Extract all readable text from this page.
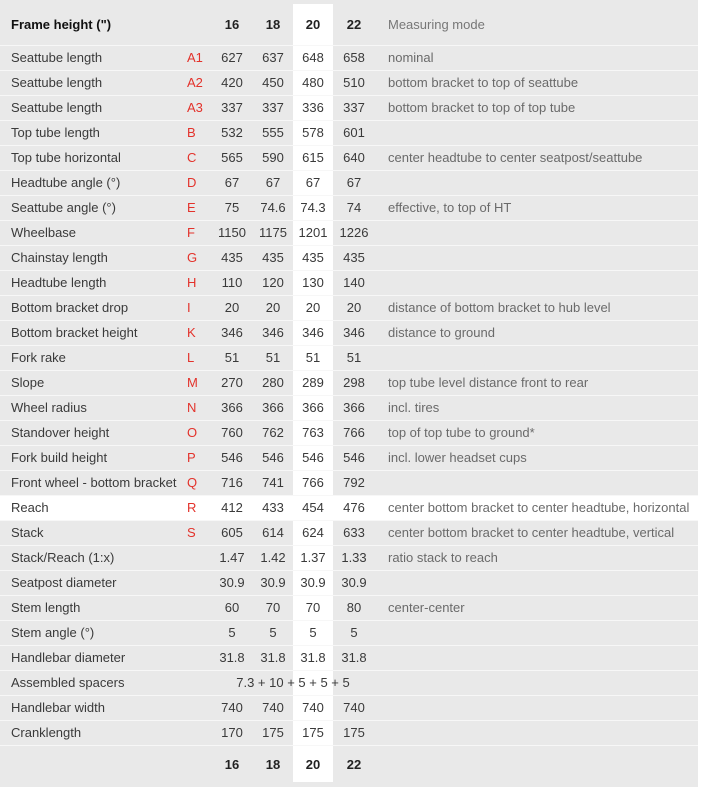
Frame height (")	16	18	20	22	Measuring mode
Seattube length	A1	627	637	648	658	nominal
Seattube length	A2	420	450	480	510	bottom bracket to top of seattube
Seattube length	A3	337	337	336	337	bottom bracket to top of top tube
Top tube length	B	532	555	578	601
Top tube horizontal	C	565	590	615	640	center headtube to center seatpost/seattube
Headtube angle (°)	D	67	67	67	67
Seattube angle (°)	E	75	74.6	74.3	74	effective, to top of HT
Wheelbase	F	1150	1175 1201 1226
Chainstay length	G	435	435	435	435
Headtube length	H	110	120	130	140
Bottom bracket drop	I	20	20	20	20	distance of bottom bracket to hub level
Bottom bracket height	K	346	346	346	346	distance to ground
Fork rake	L	51	51	51	51
Slope	M	270	280	289	298	top tube level distance front to rear
Wheel radius	N	366	366	366	366	incl. tires
Standover height	O	760	762	763	766	top of top tube to ground*
Fork build height	P	546	546	546	546	incl. lower headset cups
Front wheel - bottom bracket Q	716	741	766	792
Reach	R	412	433	454	476	center bottom bracket to center headtube, horizontal
Stack	S	605	614	624	633	center bottom bracket to center headtube, vertical
Stack/Reach (1:x)	1.47	1.42	1.37	1.33	ratio stack to reach
Seatpost diameter	30.9	30.9	30.9	30.9
Stem length	60	70	70	80	center-center
Stem angle (°)	5	5	5	5
Handlebar diameter	31.8	31.8	31.8	31.8
Assembled spacers	7.3 + 10 + 5 + 5 + 5
Handlebar width	740	740	740	740
Cranklength	170	175	175	175
16	18	20	22
